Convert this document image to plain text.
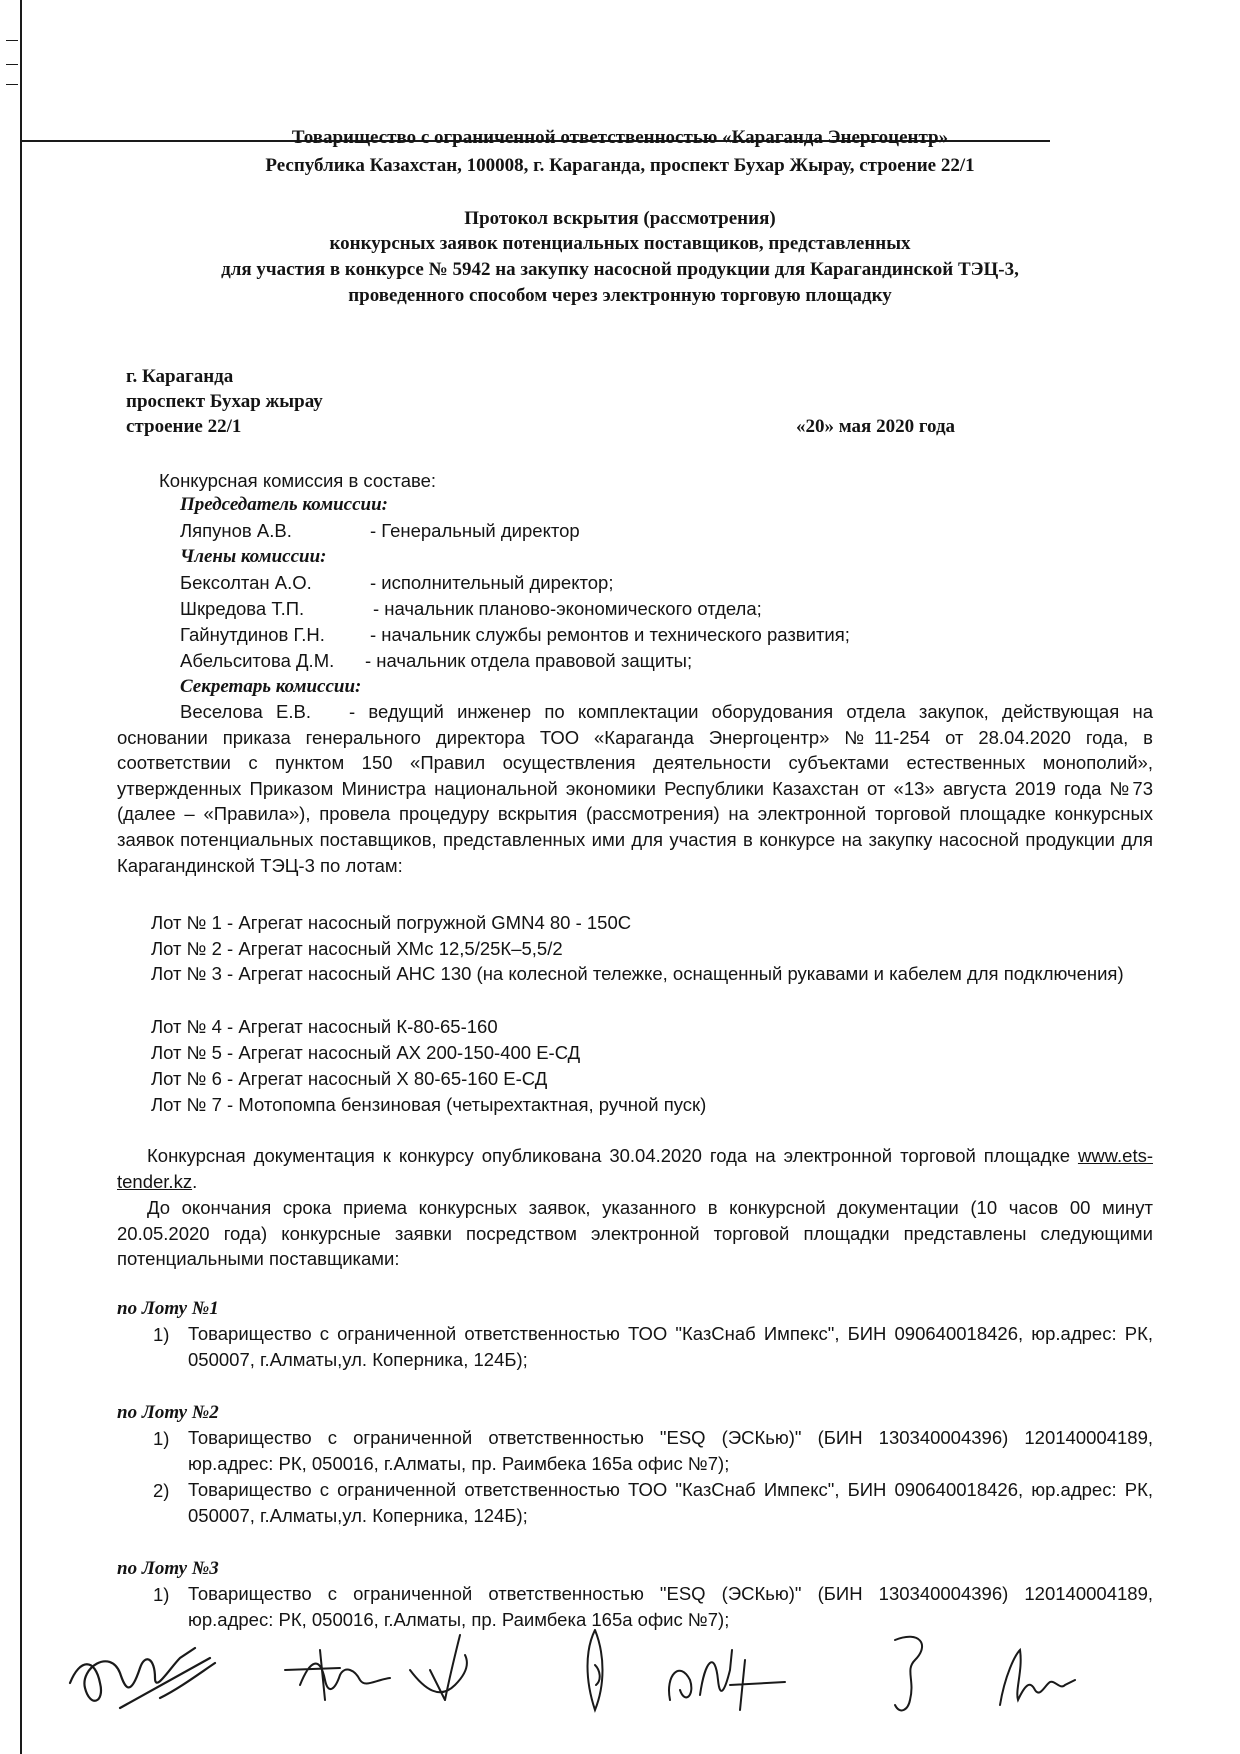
Товарищество с ограниченной ответственностью «Караганда Энергоцентр»
Республика Казахстан, 100008, г. Караганда, проспект Бухар Жырау, строение 22/1
Протокол вскрытия (рассмотрения)
конкурсных заявок потенциальных поставщиков, представленных
для участия в конкурсе № 5942 на закупку насосной продукции для Карагандинской ТЭЦ-3,
проведенного способом через электронную торговую площадку
г. Караганда
проспект Бухар жырау
строение 22/1	«20» мая 2020 года
Конкурсная комиссия в составе:
Председатель комиссии:
Ляпунов А.В.	- Генеральный директор
Члены комиссии:
Бексолтан А.О.	- исполнительный директор;
Шкредова Т.П.	- начальник планово-экономического отдела;
Гайнутдинов Г.Н. - начальник службы ремонтов и технического развития;
Абельситова Д.М. - начальник отдела правовой защиты;
Секретарь комиссии:
Веселова Е.В. - ведущий инженер по комплектации оборудования отдела закупок, действующая на основании приказа генерального директора ТОО «Караганда Энергоцентр» №11-254 от 28.04.2020 года, в соответствии с пунктом 150 «Правил осуществления деятельности субъектами естественных монополий», утвержденных Приказом Министра национальной экономики Республики Казахстан от «13» августа 2019 года №73 (далее – «Правила»), провела процедуру вскрытия (рассмотрения) на электронной торговой площадке конкурсных заявок потенциальных поставщиков, представленных ими для участия в конкурсе на закупку насосной продукции для Карагандинской ТЭЦ-3 по лотам:
Лот № 1 - Агрегат насосный погружной GMN4 80 - 150С
Лот № 2 - Агрегат насосный ХМс 12,5/25К–5,5/2
Лот № 3 - Агрегат насосный АНС 130 (на колесной тележке, оснащенный рукавами и кабелем для подключения)
Лот № 4 - Агрегат насосный К-80-65-160
Лот № 5 - Агрегат насосный АХ 200-150-400 Е-СД
Лот № 6 - Агрегат насосный Х 80-65-160 Е-СД
Лот № 7 - Мотопомпа бензиновая (четырехтактная, ручной пуск)
Конкурсная документация к конкурсу опубликована 30.04.2020 года на электронной торговой площадке www.ets-tender.kz.
До окончания срока приема конкурсных заявок, указанного в конкурсной документации (10 часов 00 минут 20.05.2020 года) конкурсные заявки посредством электронной торговой площадки представлены следующими потенциальными поставщиками:
по Лоту №1
1) Товарищество с ограниченной ответственностью ТОО "КазСнаб Импекс", БИН 090640018426, юр.адрес: РК, 050007, г.Алматы,ул. Коперника, 124Б);
по Лоту №2
1) Товарищество с ограниченной ответственностью "ESQ (ЭСКью)" (БИН 130340004396) 120140004189, юр.адрес: РК, 050016, г.Алматы, пр. Раимбека 165а офис №7);
2) Товарищество с ограниченной ответственностью ТОО "КазСнаб Импекс", БИН 090640018426, юр.адрес: РК, 050007, г.Алматы,ул. Коперника, 124Б);
по Лоту №3
1) Товарищество с ограниченной ответственностью "ESQ (ЭСКью)" (БИН 130340004396) 120140004189, юр.адрес: РК, 050016, г.Алматы, пр. Раимбека 165а офис №7);
